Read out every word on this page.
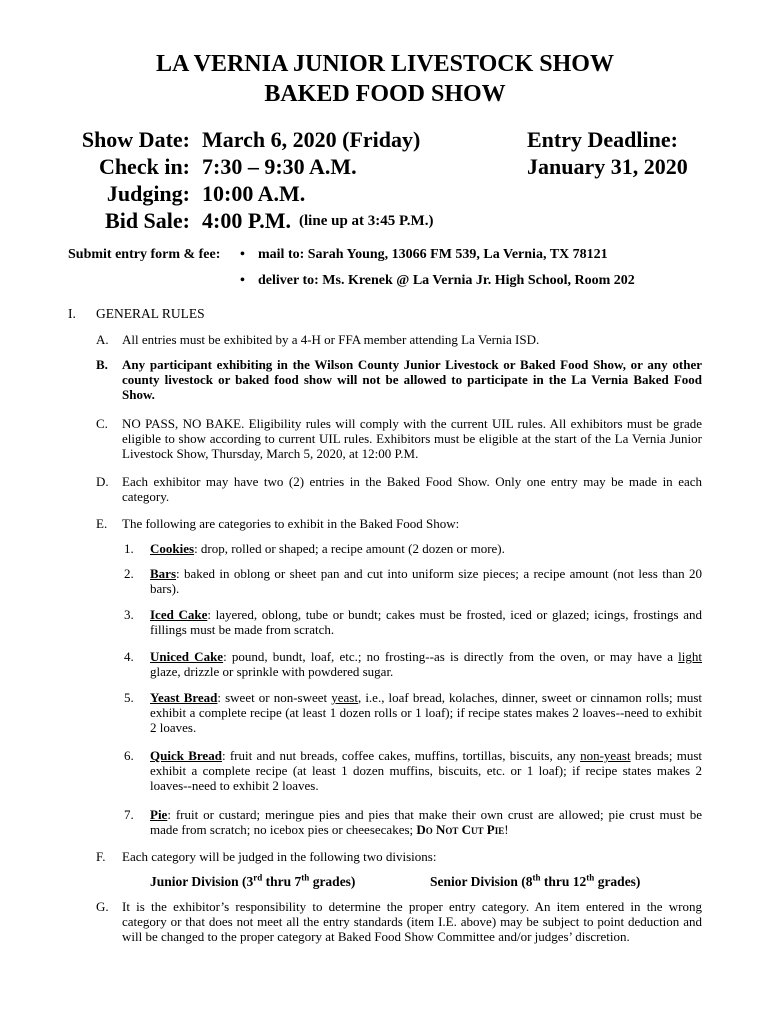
LA VERNIA JUNIOR LIVESTOCK SHOW
BAKED FOOD SHOW
Show Date: March 6, 2020 (Friday)
Check in: 7:30 – 9:30 A.M.
Judging: 10:00 A.M.
Bid Sale: 4:00 P.M. (line up at 3:45 P.M.)
Entry Deadline:
January 31, 2020
Submit entry form & fee: • mail to: Sarah Young, 13066 FM 539, La Vernia, TX 78121
• deliver to: Ms. Krenek @ La Vernia Jr. High School, Room 202
I. GENERAL RULES
A. All entries must be exhibited by a 4-H or FFA member attending La Vernia ISD.
B. Any participant exhibiting in the Wilson County Junior Livestock or Baked Food Show, or any other county livestock or baked food show will not be allowed to participate in the La Vernia Baked Food Show.
C. NO PASS, NO BAKE. Eligibility rules will comply with the current UIL rules. All exhibitors must be grade eligible to show according to current UIL rules. Exhibitors must be eligible at the start of the La Vernia Junior Livestock Show, Thursday, March 5, 2020, at 12:00 P.M.
D. Each exhibitor may have two (2) entries in the Baked Food Show. Only one entry may be made in each category.
E. The following are categories to exhibit in the Baked Food Show:
1. Cookies: drop, rolled or shaped; a recipe amount (2 dozen or more).
2. Bars: baked in oblong or sheet pan and cut into uniform size pieces; a recipe amount (not less than 20 bars).
3. Iced Cake: layered, oblong, tube or bundt; cakes must be frosted, iced or glazed; icings, frostings and fillings must be made from scratch.
4. Uniced Cake: pound, bundt, loaf, etc.; no frosting--as is directly from the oven, or may have a light glaze, drizzle or sprinkle with powdered sugar.
5. Yeast Bread: sweet or non-sweet yeast, i.e., loaf bread, kolaches, dinner, sweet or cinnamon rolls; must exhibit a complete recipe (at least 1 dozen rolls or 1 loaf); if recipe states makes 2 loaves--need to exhibit 2 loaves.
6. Quick Bread: fruit and nut breads, coffee cakes, muffins, tortillas, biscuits, any non-yeast breads; must exhibit a complete recipe (at least 1 dozen muffins, biscuits, etc. or 1 loaf); if recipe states makes 2 loaves--need to exhibit 2 loaves.
7. Pie: fruit or custard; meringue pies and pies that make their own crust are allowed; pie crust must be made from scratch; no icebox pies or cheesecakes; Do Not Cut Pie!
F. Each category will be judged in the following two divisions:
Junior Division (3rd thru 7th grades)	Senior Division (8th thru 12th grades)
G. It is the exhibitor’s responsibility to determine the proper entry category. An item entered in the wrong category or that does not meet all the entry standards (item I.E. above) may be subject to point deduction and will be changed to the proper category at Baked Food Show Committee and/or judges’ discretion.
